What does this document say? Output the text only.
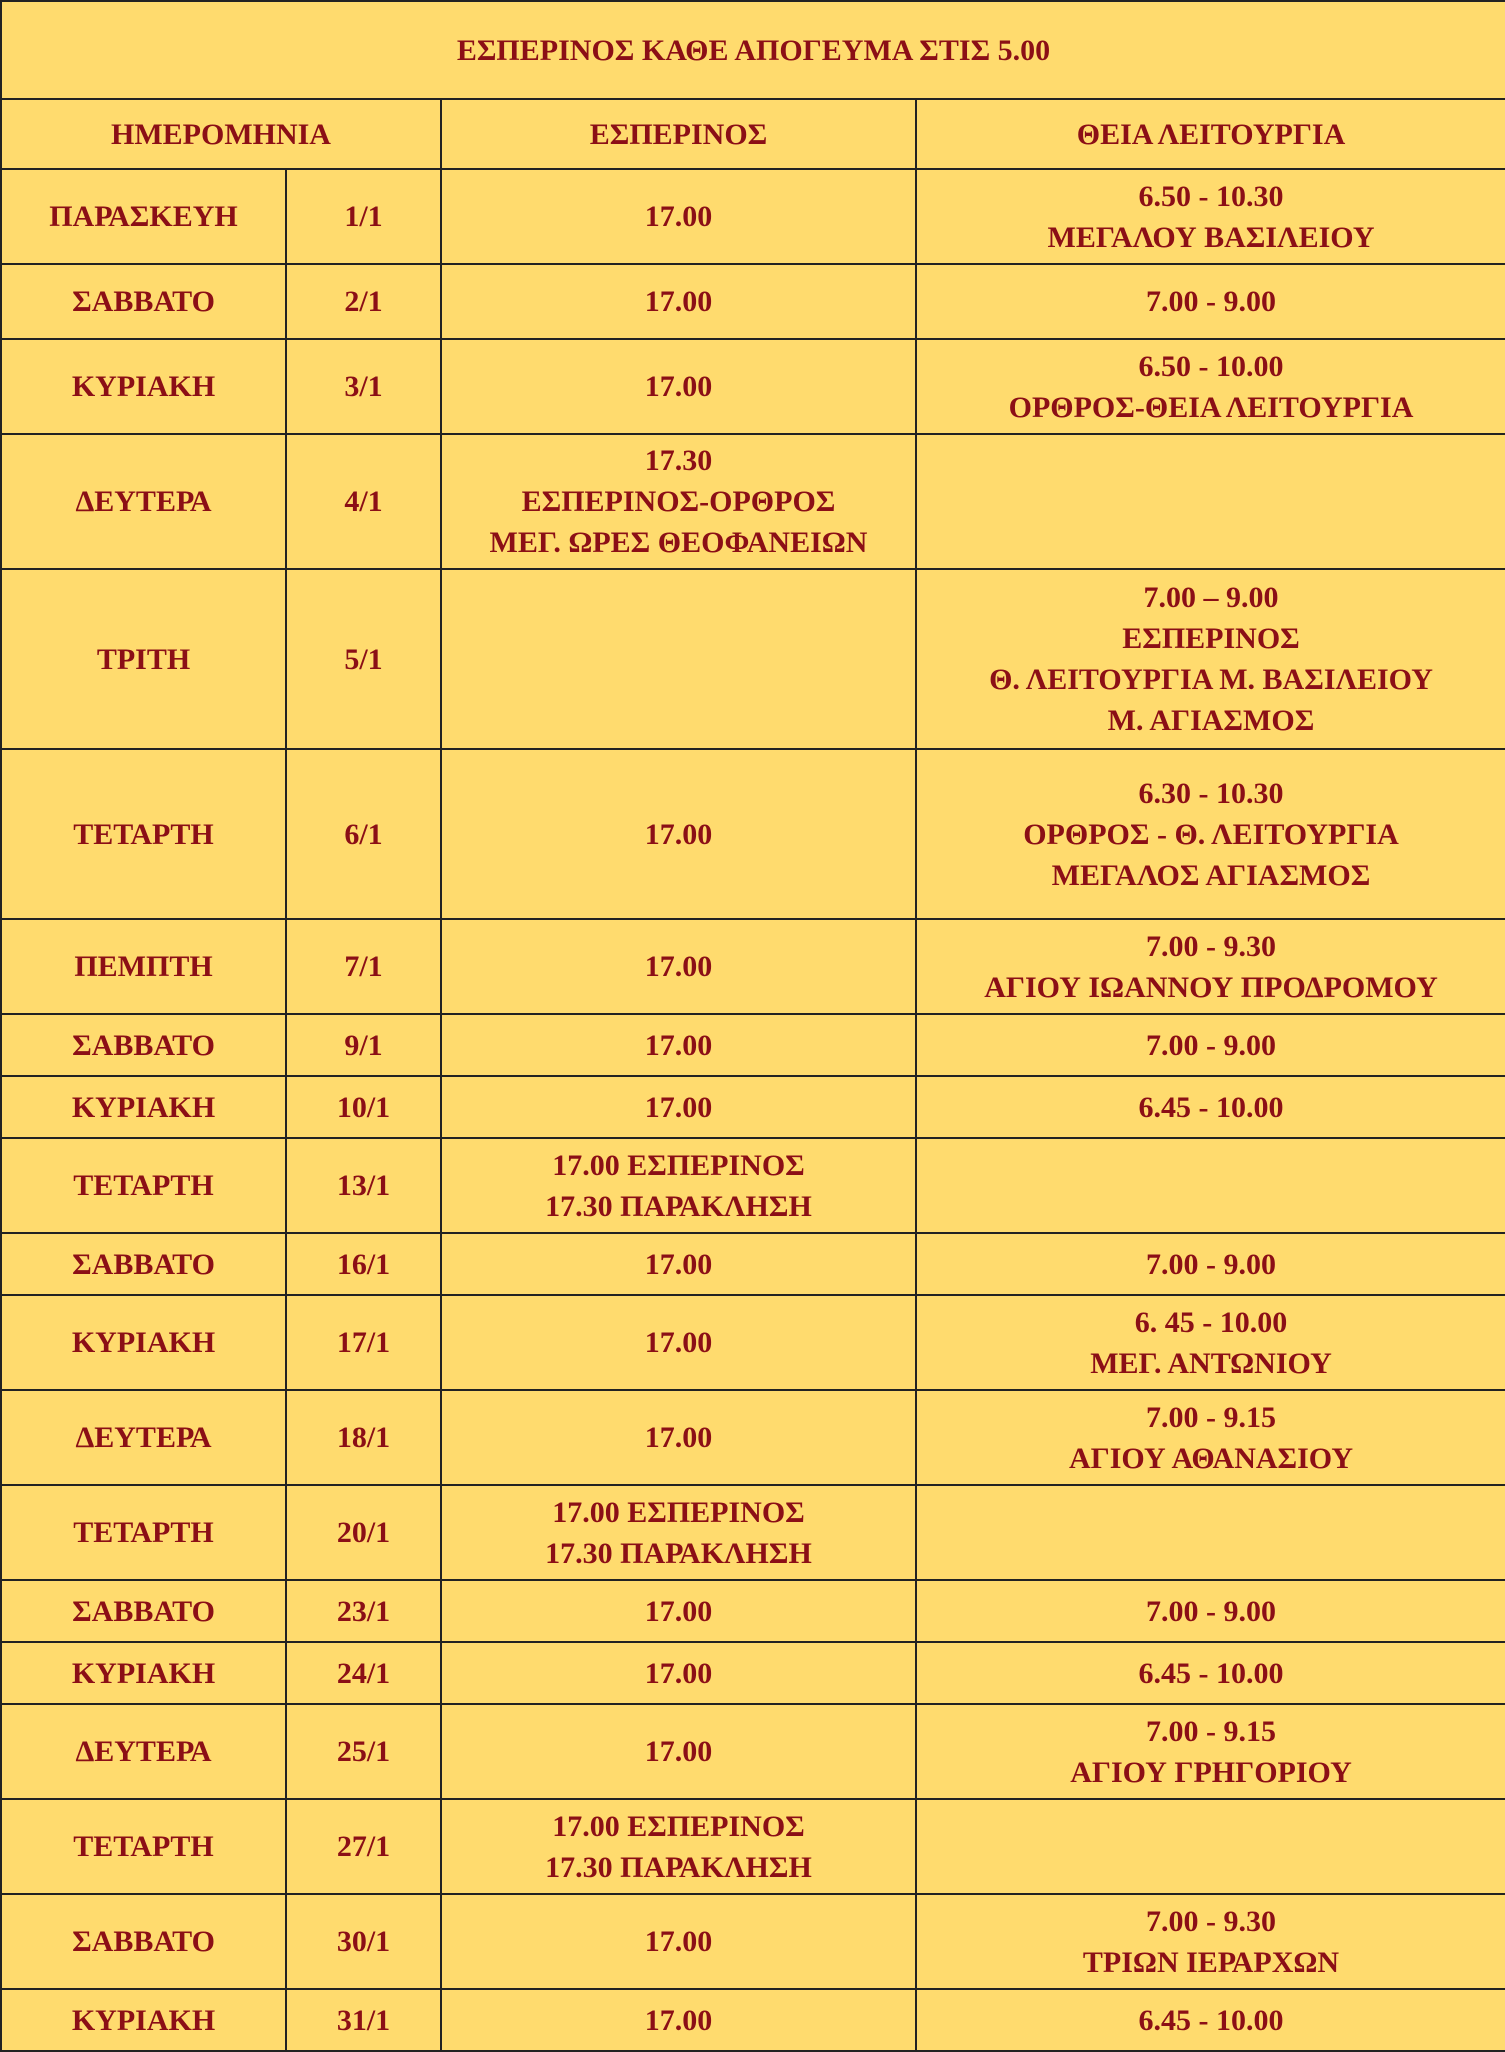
ΕΣΠΕΡΙΝΟΣ ΚΑΘΕ ΑΠΟΓΕΥΜΑ ΣΤΙΣ 5.00			
ΗΜΕΡΟΜΗΝΙΑ		ΕΣΠΕΡΙΝΟΣ	ΘΕΙΑ ΛΕΙΤΟΥΡΓΙΑ
ΠΑΡΑΣΚΕΥΗ	1/1	17.00	6.50 - 10.30
ΜΕΓΑΛΟΥ ΒΑΣΙΛΕΙΟΥ

ΣΑΒΒΑΤΟ	2/1	17.00	7.00 - 9.00

ΚΥΡΙΑΚΗ	3/1	17.00	6.50 - 10.00
ΟΡΘΡΟΣ-ΘΕΙΑ ΛΕΙΤΟΥΡΓΙΑ

ΔΕΥΤΕΡΑ	4/1	17.30
ΕΣΠΕΡΙΝΟΣ-ΟΡΘΡΟΣ
ΜΕΓ. ΩΡΕΣ ΘΕΟΦΑΝΕΙΩΝ	

ΤΡΙΤΗ	5/1		7.00 – 9.00
ΕΣΠΕΡΙΝΟΣ
Θ. ΛΕΙΤΟΥΡΓΙΑ Μ. ΒΑΣΙΛΕΙΟΥ
Μ. ΑΓΙΑΣΜΟΣ

ΤΕΤΑΡΤΗ	6/1	17.00	6.30 - 10.30
ΟΡΘΡΟΣ - Θ. ΛΕΙΤΟΥΡΓΙΑ
ΜΕΓΑΛΟΣ ΑΓΙΑΣΜΟΣ

ΠΕΜΠΤΗ	7/1	17.00	7.00 - 9.30
ΑΓΙΟΥ ΙΩΑΝΝΟΥ ΠΡΟΔΡΟΜΟΥ

ΣΑΒΒΑΤΟ	9/1	17.00	7.00 - 9.00

ΚΥΡΙΑΚΗ	10/1	17.00	6.45 - 10.00

ΤΕΤΑΡΤΗ	13/1	17.00 ΕΣΠΕΡΙΝΟΣ
17.30 ΠΑΡΑΚΛΗΣΗ	

ΣΑΒΒΑΤΟ	16/1	17.00	7.00 - 9.00

ΚΥΡΙΑΚΗ	17/1	17.00	6. 45 - 10.00
ΜΕΓ. ΑΝΤΩΝΙΟΥ

ΔΕΥΤΕΡΑ	18/1	17.00	7.00 - 9.15
ΑΓΙΟΥ ΑΘΑΝΑΣΙΟΥ

ΤΕΤΑΡΤΗ	20/1	17.00 ΕΣΠΕΡΙΝΟΣ
17.30 ΠΑΡΑΚΛΗΣΗ	

ΣΑΒΒΑΤΟ	23/1	17.00	7.00 - 9.00

ΚΥΡΙΑΚΗ	24/1	17.00	6.45 - 10.00

ΔΕΥΤΕΡΑ	25/1	17.00	7.00 - 9.15
ΑΓΙΟΥ ΓΡΗΓΟΡΙΟΥ

ΤΕΤΑΡΤΗ	27/1	17.00 ΕΣΠΕΡΙΝΟΣ
17.30 ΠΑΡΑΚΛΗΣΗ	

ΣΑΒΒΑΤΟ	30/1	17.00	7.00 - 9.30
ΤΡΙΩΝ ΙΕΡΑΡΧΩΝ

ΚΥΡΙΑΚΗ	31/1	17.00	6.45 - 10.00
